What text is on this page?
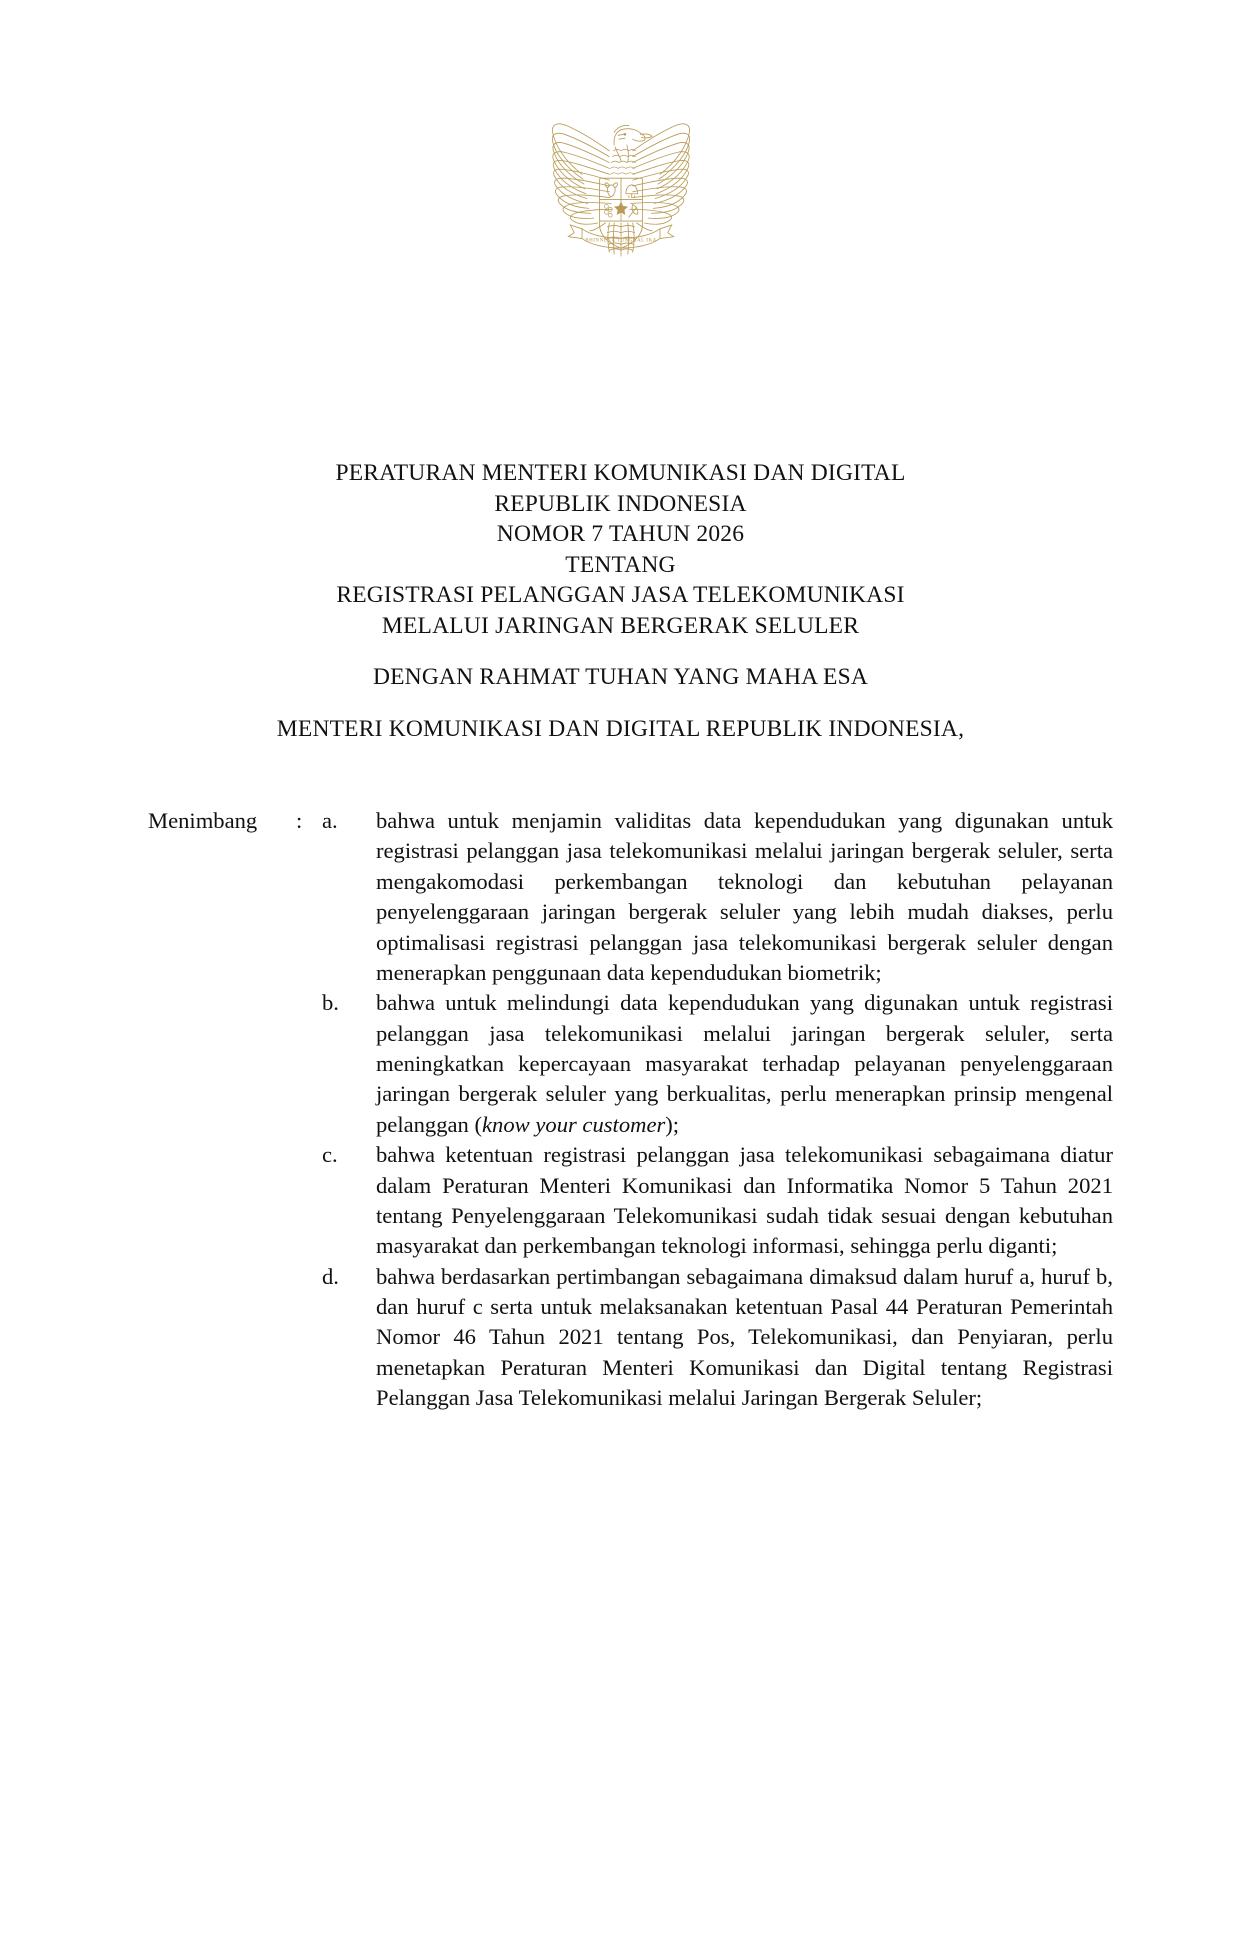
BHINNEKA TUNGGAL IKA
PERATURAN MENTERI KOMUNIKASI DAN DIGITAL
REPUBLIK INDONESIA
NOMOR 7 TAHUN 2026
TENTANG
REGISTRASI PELANGGAN JASA TELEKOMUNIKASI
MELALUI JARINGAN BERGERAK SELULER
DENGAN RAHMAT TUHAN YANG MAHA ESA
MENTERI KOMUNIKASI DAN DIGITAL REPUBLIK INDONESIA,
Menimbang	: a.	bahwa untuk menjamin validitas data kependudukan yang digunakan untuk registrasi pelanggan jasa telekomunikasi melalui jaringan bergerak seluler, serta mengakomodasi perkembangan teknologi dan kebutuhan pelayanan penyelenggaraan jaringan bergerak seluler yang lebih mudah diakses, perlu optimalisasi registrasi pelanggan jasa telekomunikasi bergerak seluler dengan menerapkan penggunaan data kependudukan biometrik;
b.	bahwa untuk melindungi data kependudukan yang digunakan untuk registrasi pelanggan jasa telekomunikasi melalui jaringan bergerak seluler, serta meningkatkan kepercayaan masyarakat terhadap pelayanan penyelenggaraan jaringan bergerak seluler yang berkualitas, perlu menerapkan prinsip mengenal pelanggan (know your customer);
c.	bahwa ketentuan registrasi pelanggan jasa telekomunikasi sebagaimana diatur dalam Peraturan Menteri Komunikasi dan Informatika Nomor 5 Tahun 2021 tentang Penyelenggaraan Telekomunikasi sudah tidak sesuai dengan kebutuhan masyarakat dan perkembangan teknologi informasi, sehingga perlu diganti;
d.	bahwa berdasarkan pertimbangan sebagaimana dimaksud dalam huruf a, huruf b, dan huruf c serta untuk melaksanakan ketentuan Pasal 44 Peraturan Pemerintah Nomor 46 Tahun 2021 tentang Pos, Telekomunikasi, dan Penyiaran, perlu menetapkan Peraturan Menteri Komunikasi dan Digital tentang Registrasi Pelanggan Jasa Telekomunikasi melalui Jaringan Bergerak Seluler;
